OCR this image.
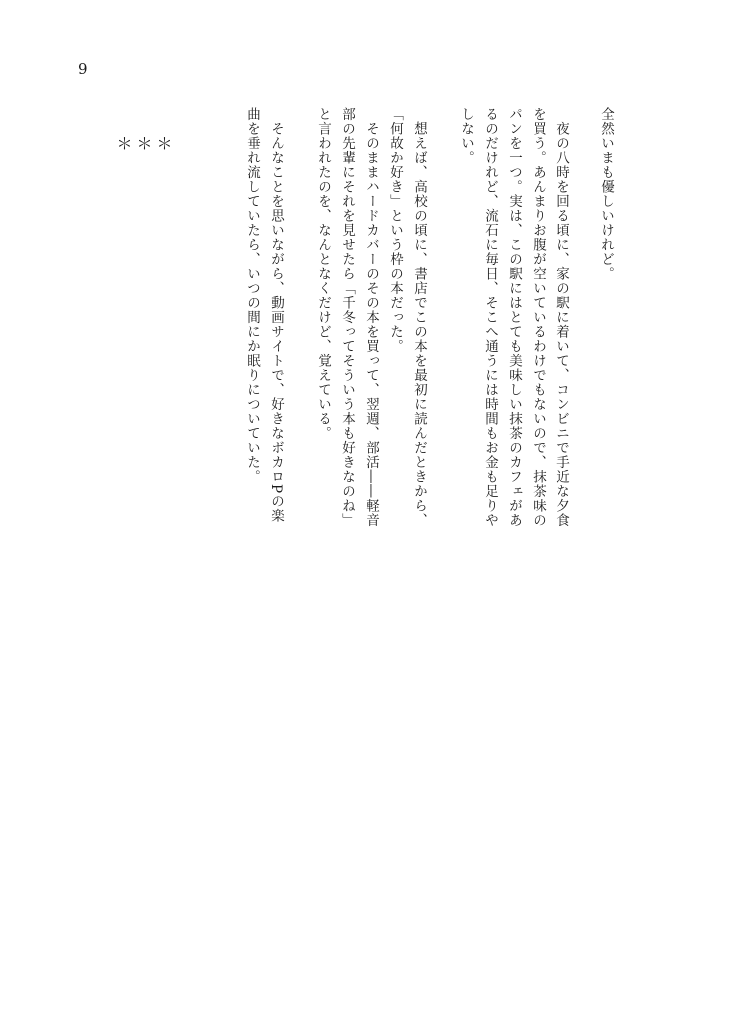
9
全然いまも優しいけれど。
　夜の八時を回る頃に、家の駅に着いて、コンビニで手近な夕食
を買う。あんまりお腹が空いているわけでもないので、抹茶味の
パンを一つ。実は、この駅にはとても美味しい抹茶のカフェがあ
るのだけれど、流石に毎日、そこへ通うには時間もお金も足りや
しない。
　想えば、高校の頃に、書店でこの本を最初に読んだときから、
「何故か好き」という枠の本だった。
　そのままハードカバーのその本を買って、翌週、部活――軽音
部の先輩にそれを見せたら「千冬ってそういう本も好きなのね」
と言われたのを、なんとなくだけど、覚えている。
　そんなことを思いながら、動画サイトで、好きなボカロPの楽
曲を垂れ流していたら、いつの間にか眠りについていた。
＊
＊
＊
